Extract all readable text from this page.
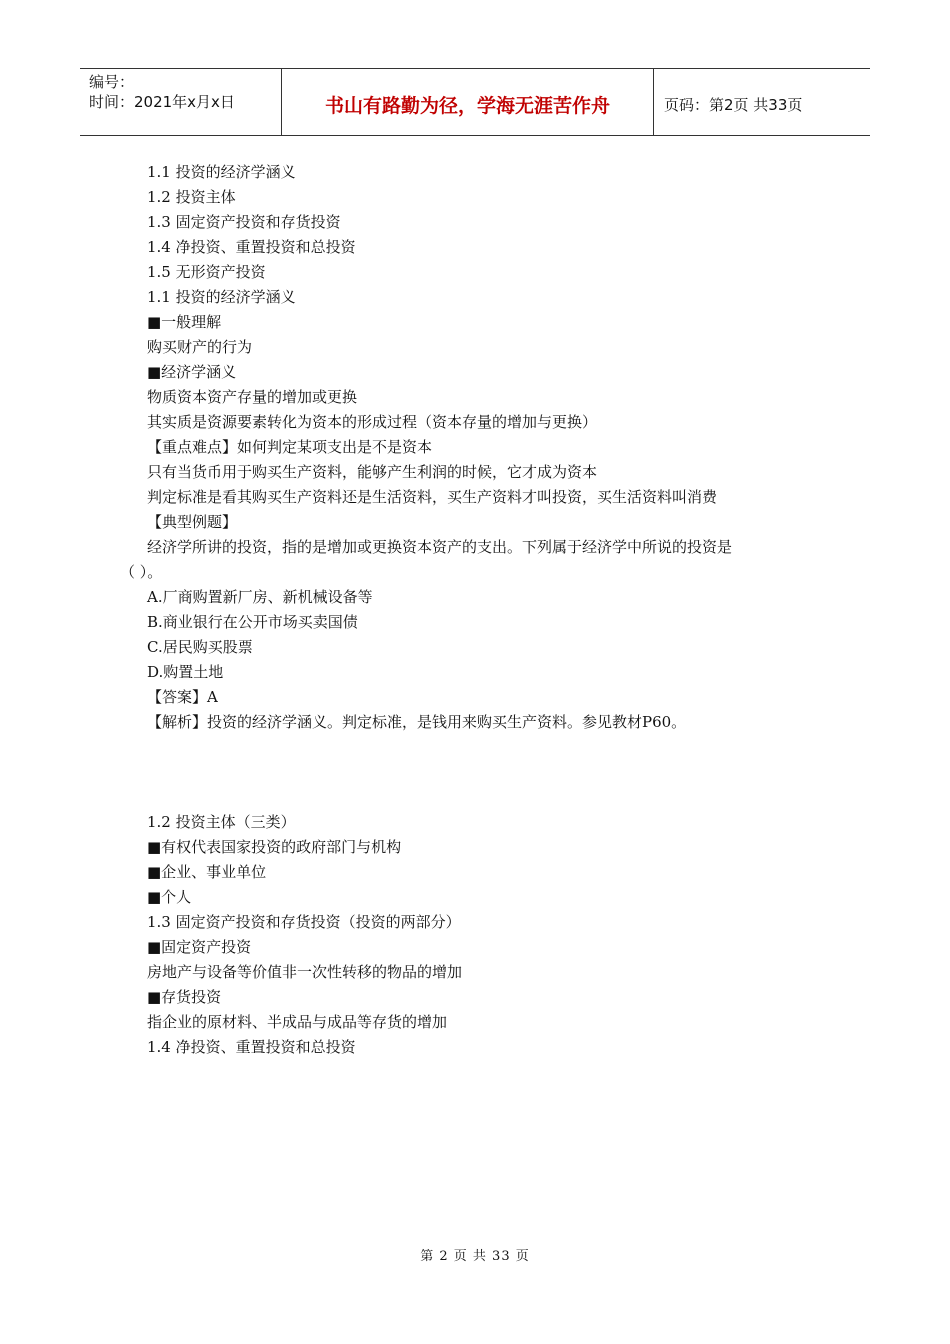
编号：
时间：2021年x月x日	书山有路勤为径，学海无涯苦作舟	页码：第2页 共33页
1.1 投资的经济学涵义
1.2 投资主体
1.3 固定资产投资和存货投资
1.4 净投资、重置投资和总投资
1.5 无形资产投资
1.1 投资的经济学涵义
■一般理解
购买财产的行为
■经济学涵义
物质资本资产存量的增加或更换
其实质是资源要素转化为资本的形成过程（资本存量的增加与更换）
【重点难点】如何判定某项支出是不是资本
只有当货币用于购买生产资料，能够产生利润的时候，它才成为资本
判定标准是看其购买生产资料还是生活资料，买生产资料才叫投资，买生活资料叫消费
【典型例题】
经济学所讲的投资，指的是增加或更换资本资产的支出。下列属于经济学中所说的投资是
（ ）。
A.厂商购置新厂房、新机械设备等
B.商业银行在公开市场买卖国债
C.居民购买股票
D.购置土地
【答案】A
【解析】投资的经济学涵义。判定标准，是钱用来购买生产资料。参见教材P60。
1.2 投资主体（三类）
■有权代表国家投资的政府部门与机构
■企业、事业单位
■个人
1.3 固定资产投资和存货投资（投资的两部分）
■固定资产投资
房地产与设备等价值非一次性转移的物品的增加
■存货投资
指企业的原材料、半成品与成品等存货的增加
1.4 净投资、重置投资和总投资
第 2 页 共 33 页
